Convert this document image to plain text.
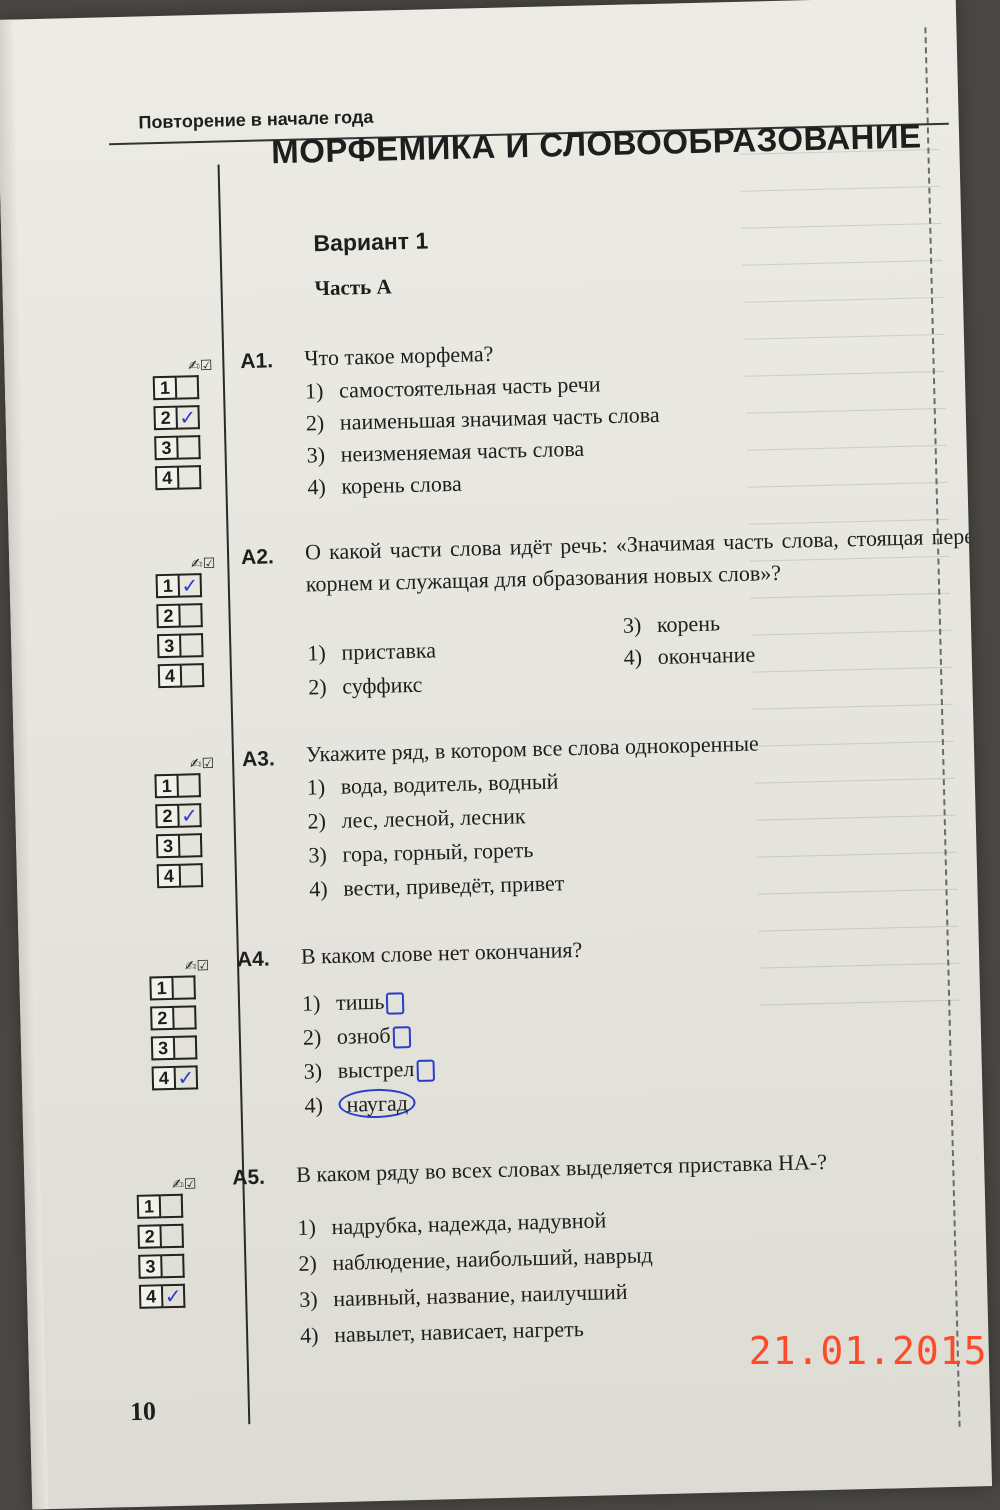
Повторение в начале года
МОРФЕМИКА И СЛОВООБРАЗОВАНИЕ
Вариант 1
Часть А
✍☑
1
2 ✓
3
4
А1. Что такое морфема?
1) самостоятельная часть речи
2) наименьшая значимая часть слова
3) неизменяемая часть слова
4) корень слова
✍☑
1 ✓
2
3
4
А2. О какой части слова идёт речь: «Значимая часть слова, стоящая перед корнем и служащая для образования новых слов»?
1) приставка
2) суффикс
3) корень
4) окончание
✍☑
1
2 ✓
3
4
А3. Укажите ряд, в котором все слова однокоренные
1) вода, водитель, водный
2) лес, лесной, лесник
3) гора, горный, гореть
4) вести, приведёт, привет
✍☑
1
2
3
4 ✓
А4. В каком слове нет окончания?
1) тишь
2) озноб
3) выстрел
4) наугад
✍☑
1
2
3
4 ✓
А5. В каком ряду во всех словах выделяется приставка НА-?
1) надрубка, надежда, надувной
2) наблюдение, наибольший, наврыд
3) наивный, название, наилучший
4) навылет, нависает, нагреть
10
21.01.2015
